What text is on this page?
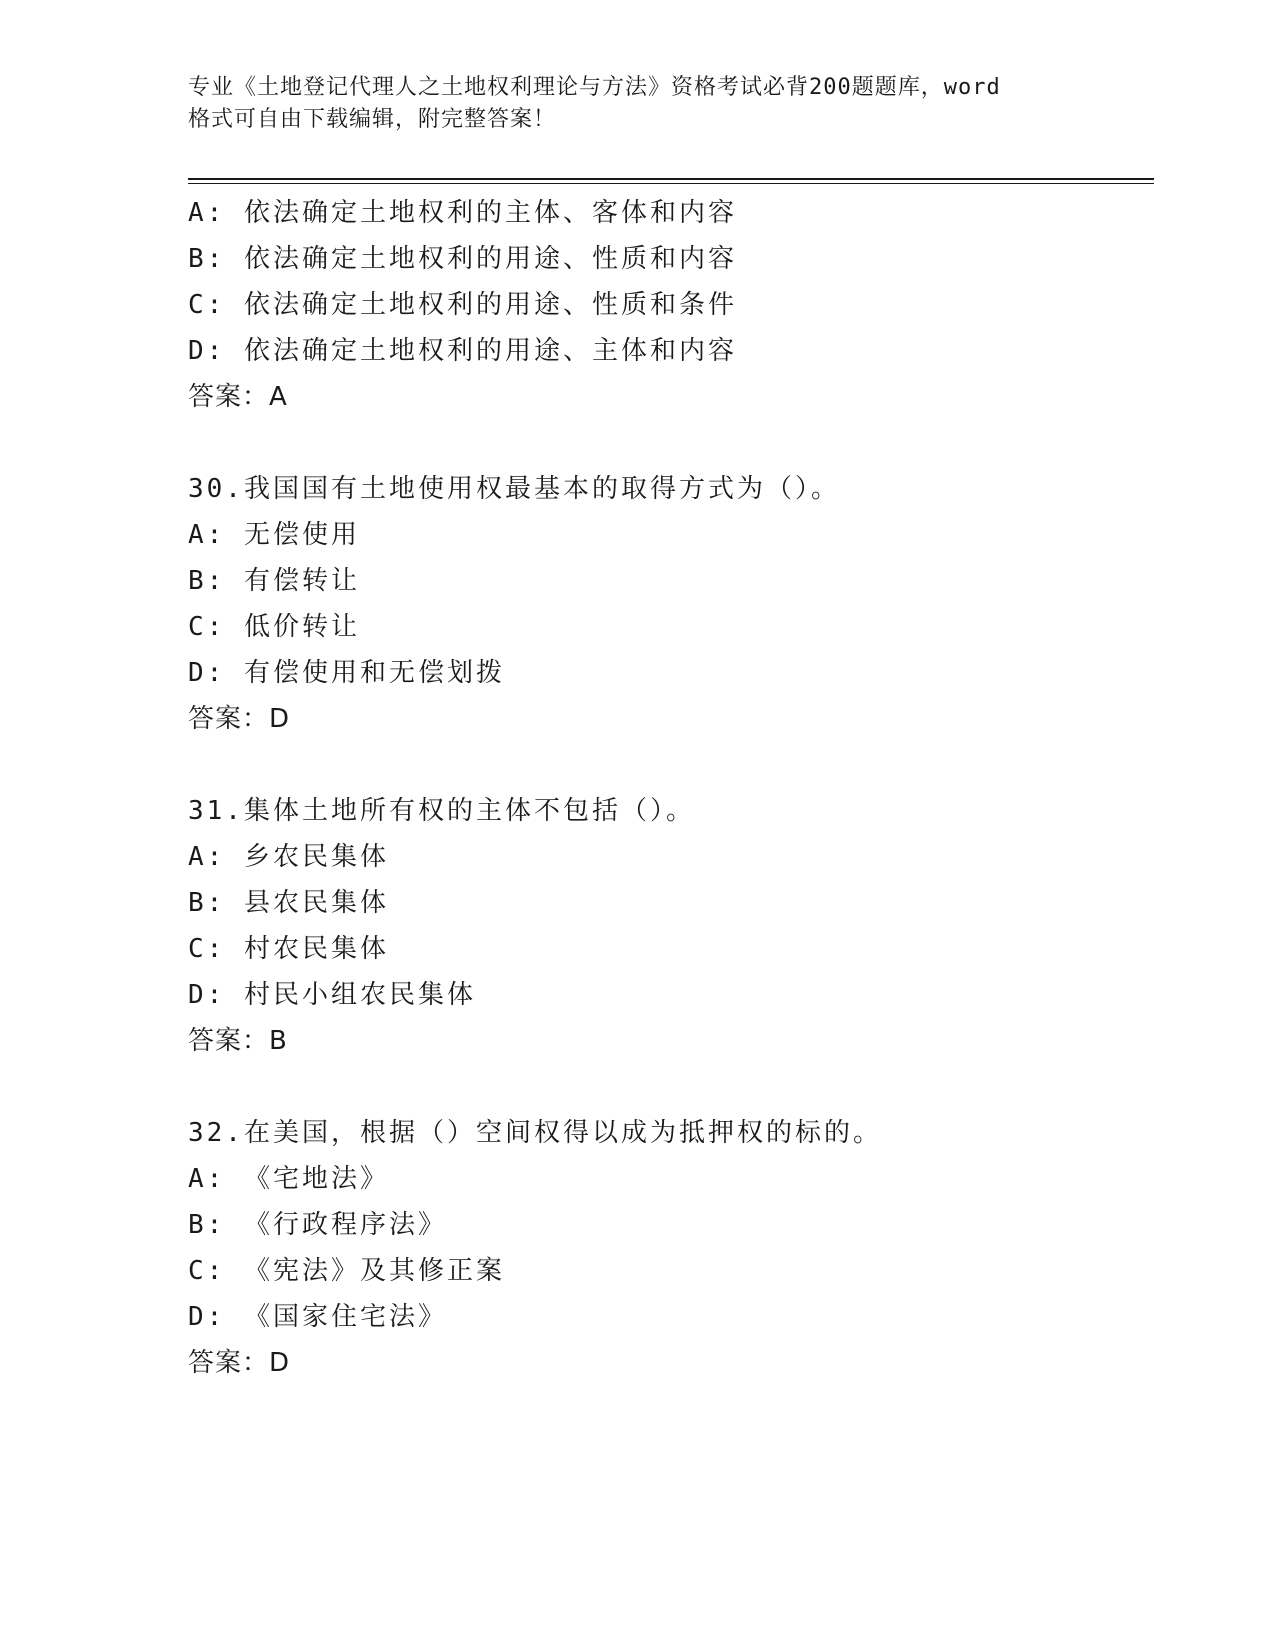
专业《土地登记代理人之土地权利理论与方法》资格考试必背200题题库，word
格式可自由下载编辑，附完整答案！
A: 依法确定土地权利的主体、客体和内容
B: 依法确定土地权利的用途、性质和内容
C: 依法确定土地权利的用途、性质和条件
D: 依法确定土地权利的用途、主体和内容
答案：A
30.我国国有土地使用权最基本的取得方式为（）。
A: 无偿使用
B: 有偿转让
C: 低价转让
D: 有偿使用和无偿划拨
答案：D
31.集体土地所有权的主体不包括（）。
A: 乡农民集体
B: 县农民集体
C: 村农民集体
D: 村民小组农民集体
答案：B
32.在美国，根据（）空间权得以成为抵押权的标的。
A: 《宅地法》
B: 《行政程序法》
C: 《宪法》及其修正案
D: 《国家住宅法》
答案：D
